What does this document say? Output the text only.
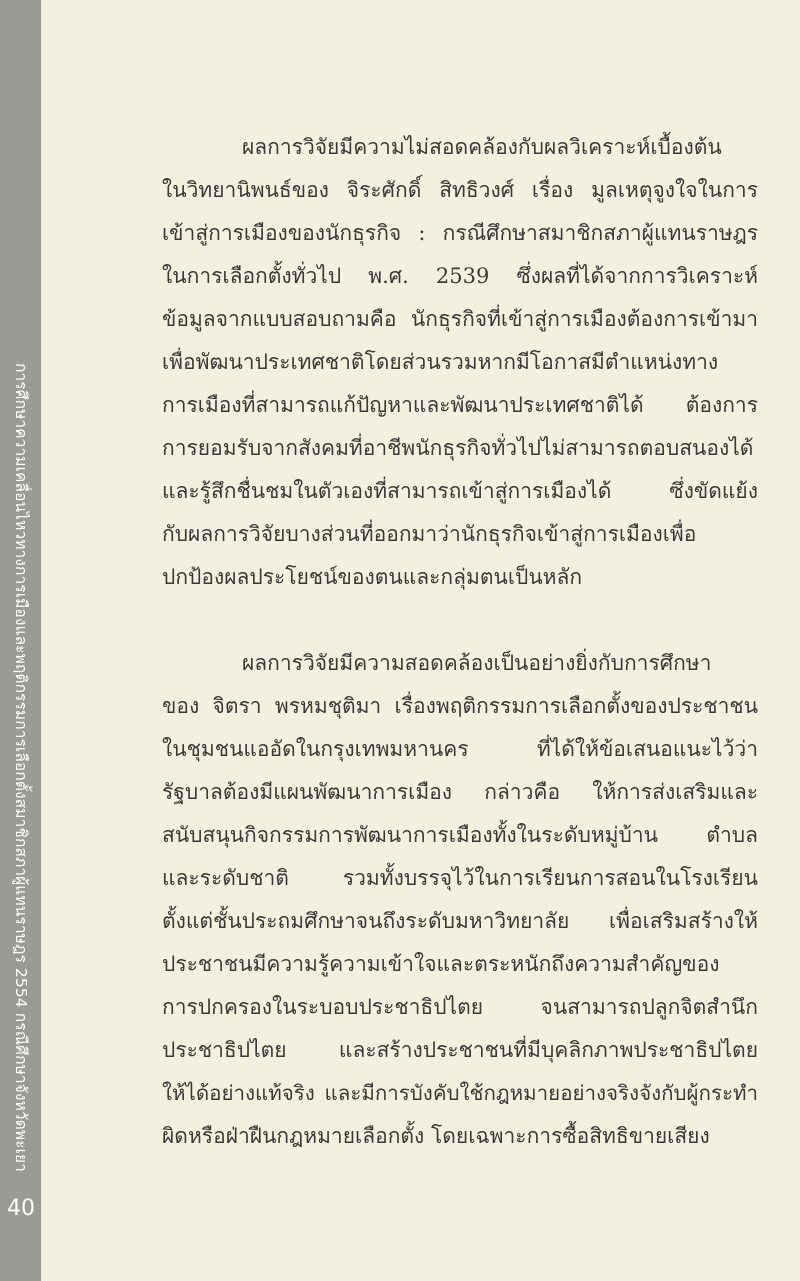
การศึกษาความเคลื่อนไหวทางการเมืองและพฤติกรรมการเลือกตั้งสมาชิกสภาผู้แทนราษฎร 2554 กรณีศึกษาจังหวัดพะเยา
40

ผลการวิจัยมีความไม่สอดคล้องกับผลวิเคราะห์เบื้องต้น
ในวิทยานิพนธ์ของ จิระศักดิ์ สิทธิวงศ์ เรื่อง มูลเหตุจูงใจในการ
เข้าสู่การเมืองของนักธุรกิจ : กรณีศึกษาสมาชิกสภาผู้แทนราษฎร
ในการเลือกตั้งทั่วไป พ.ศ. 2539 ซึ่งผลที่ได้จากการวิเคราะห์
ข้อมูลจากแบบสอบถามคือ นักธุรกิจที่เข้าสู่การเมืองต้องการเข้ามา
เพื่อพัฒนาประเทศชาติโดยส่วนรวมหากมีโอกาสมีตำแหน่งทาง
การเมืองที่สามารถแก้ปัญหาและพัฒนาประเทศชาติได้ ต้องการ
การยอมรับจากสังคมที่อาชีพนักธุรกิจทั่วไปไม่สามารถตอบสนองได้
และรู้สึกชื่นชมในตัวเองที่สามารถเข้าสู่การเมืองได้ ซึ่งขัดแย้ง
กับผลการวิจัยบางส่วนที่ออกมาว่านักธุรกิจเข้าสู่การเมืองเพื่อ
ปกป้องผลประโยชน์ของตนและกลุ่มตนเป็นหลัก

ผลการวิจัยมีความสอดคล้องเป็นอย่างยิ่งกับการศึกษา
ของ จิตรา พรหมชุติมา เรื่องพฤติกรรมการเลือกตั้งของประชาชน
ในชุมชนแออัดในกรุงเทพมหานคร ที่ได้ให้ข้อเสนอแนะไว้ว่า
รัฐบาลต้องมีแผนพัฒนาการเมือง กล่าวคือ ให้การส่งเสริมและ
สนับสนุนกิจกรรมการพัฒนาการเมืองทั้งในระดับหมู่บ้าน ตำบล
และระดับชาติ รวมทั้งบรรจุไว้ในการเรียนการสอนในโรงเรียน
ตั้งแต่ชั้นประถมศึกษาจนถึงระดับมหาวิทยาลัย เพื่อเสริมสร้างให้
ประชาชนมีความรู้ความเข้าใจและตระหนักถึงความสำคัญของ
การปกครองในระบอบประชาธิปไตย จนสามารถปลูกจิตสำนึก
ประชาธิปไตย และสร้างประชาชนที่มีบุคลิกภาพประชาธิปไตย
ให้ได้อย่างแท้จริง และมีการบังคับใช้กฎหมายอย่างจริงจังกับผู้กระทำ
ผิดหรือฝ่าฝืนกฎหมายเลือกตั้ง โดยเฉพาะการซื้อสิทธิขายเสียง
